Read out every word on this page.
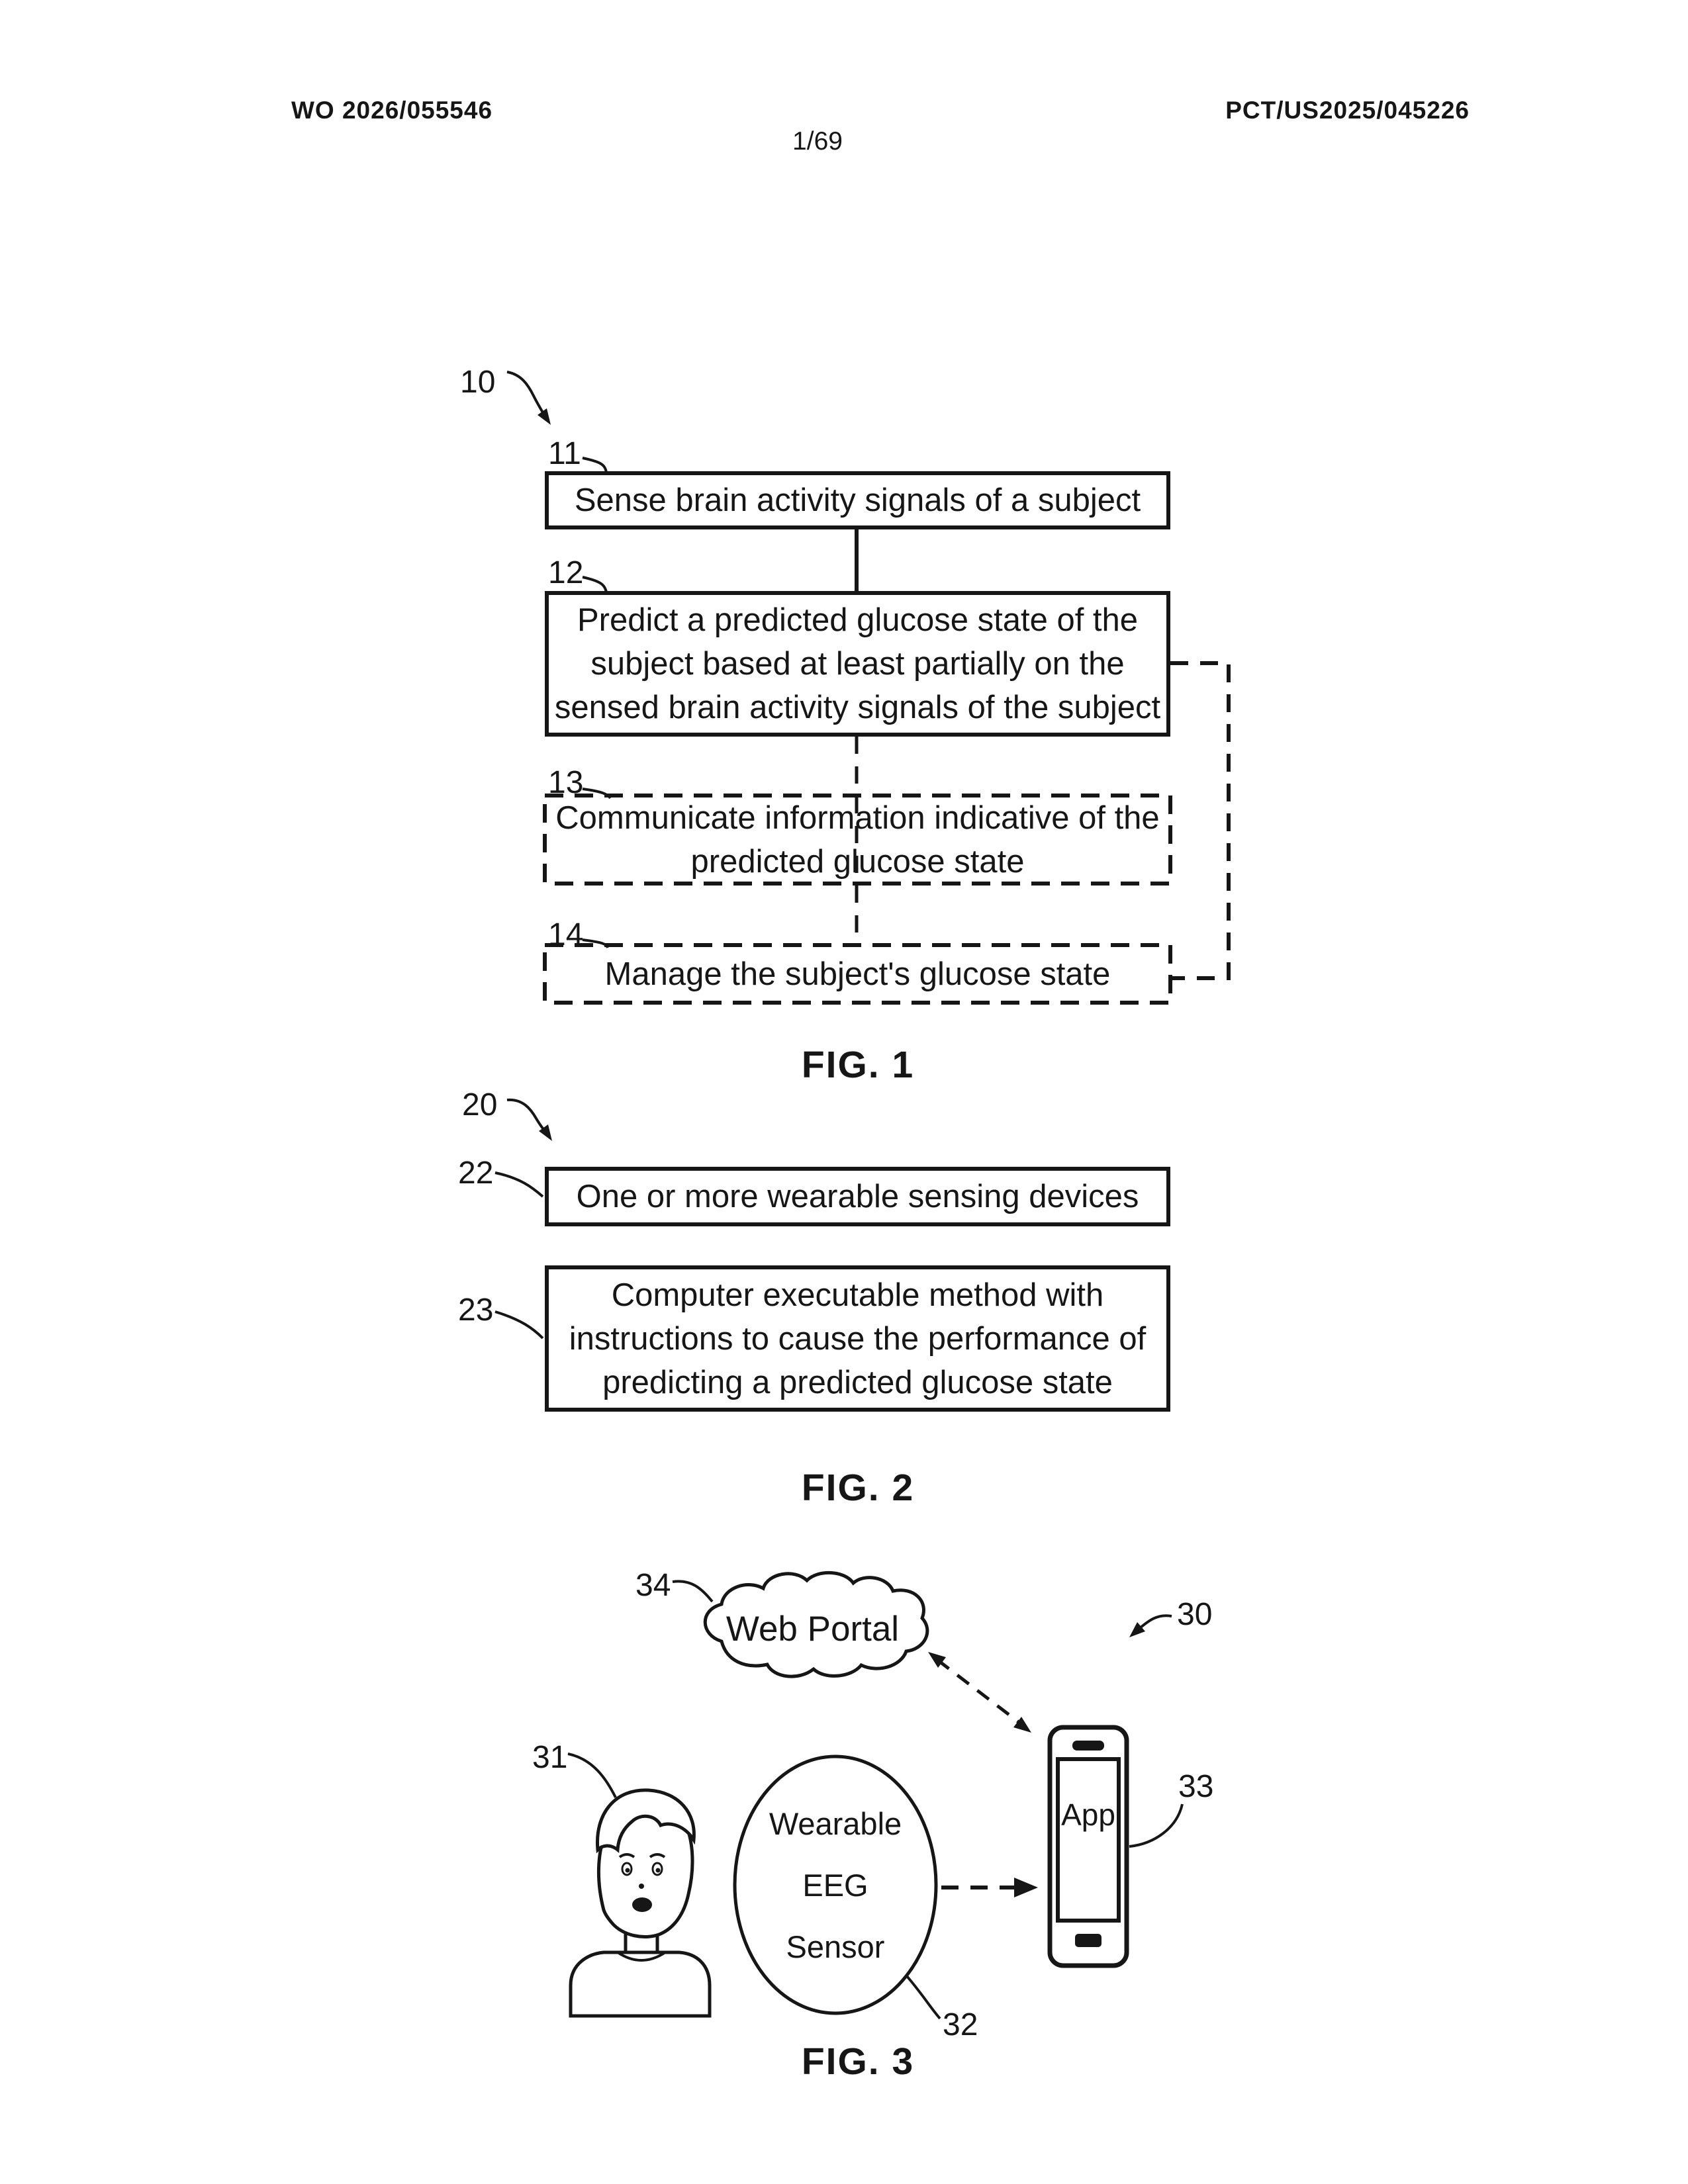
WO 2026/055546	PCT/US2025/045226
1/69
10
11
Sense brain activity signals of a subject
12
Predict a predicted glucose state of the
subject based at least partially on the
sensed brain activity signals of the subject
13
Communicate information indicative of the
predicted glucose state
14
Manage the subject's glucose state
FIG. 1
20
22
One or more wearable sensing devices
23	Computer executable method with
instructions to cause the performance of
predicting a predicted glucose state
FIG. 2
34
30
Web Portal
31
Wearable
EEG
Sensor
32
App
33
FIG. 3
